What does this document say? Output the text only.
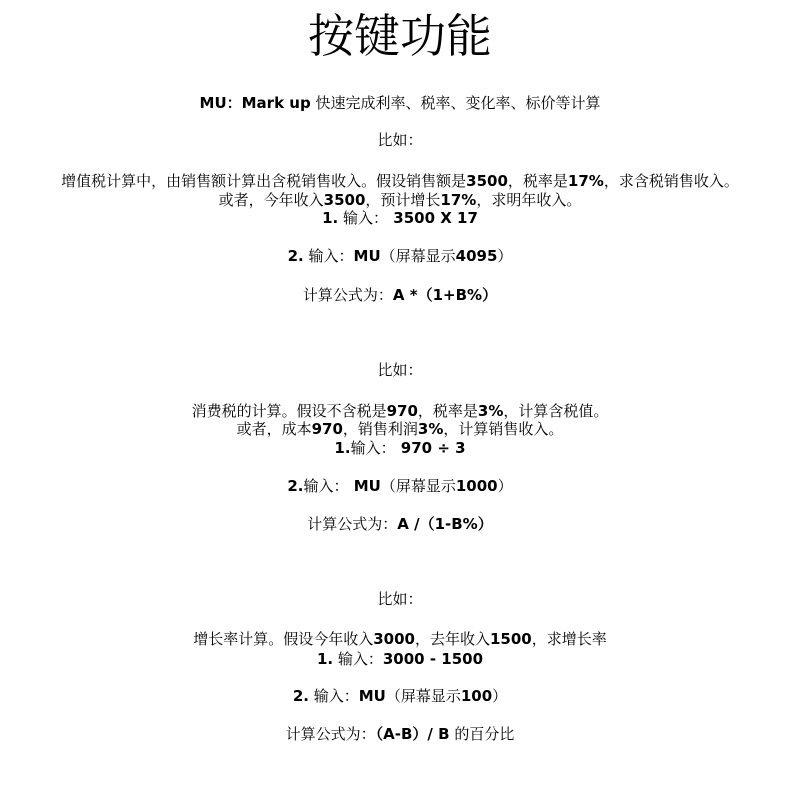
按键功能
MU：Mark up 快速完成利率、税率、变化率、标价等计算
比如：
增值税计算中，由销售额计算出含税销售收入。假设销售额是3500，税率是17%，求含税销售收入。
或者，今年收入3500，预计增长17%，求明年收入。
1. 输入： 3500 X 17
2. 输入：MU（屏幕显示4095）
计算公式为：A *（1+B%）
比如：
消费税的计算。假设不含税是970，税率是3%，计算含税值。
或者，成本970，销售利润3%，计算销售收入。
1.输入： 970 ÷ 3
2.输入： MU（屏幕显示1000）
计算公式为：A /（1-B%）
比如：
增长率计算。假设今年收入3000，去年收入1500，求增长率
1. 输入：3000 - 1500
2. 输入：MU（屏幕显示100）
计算公式为：（A-B）/ B 的百分比
